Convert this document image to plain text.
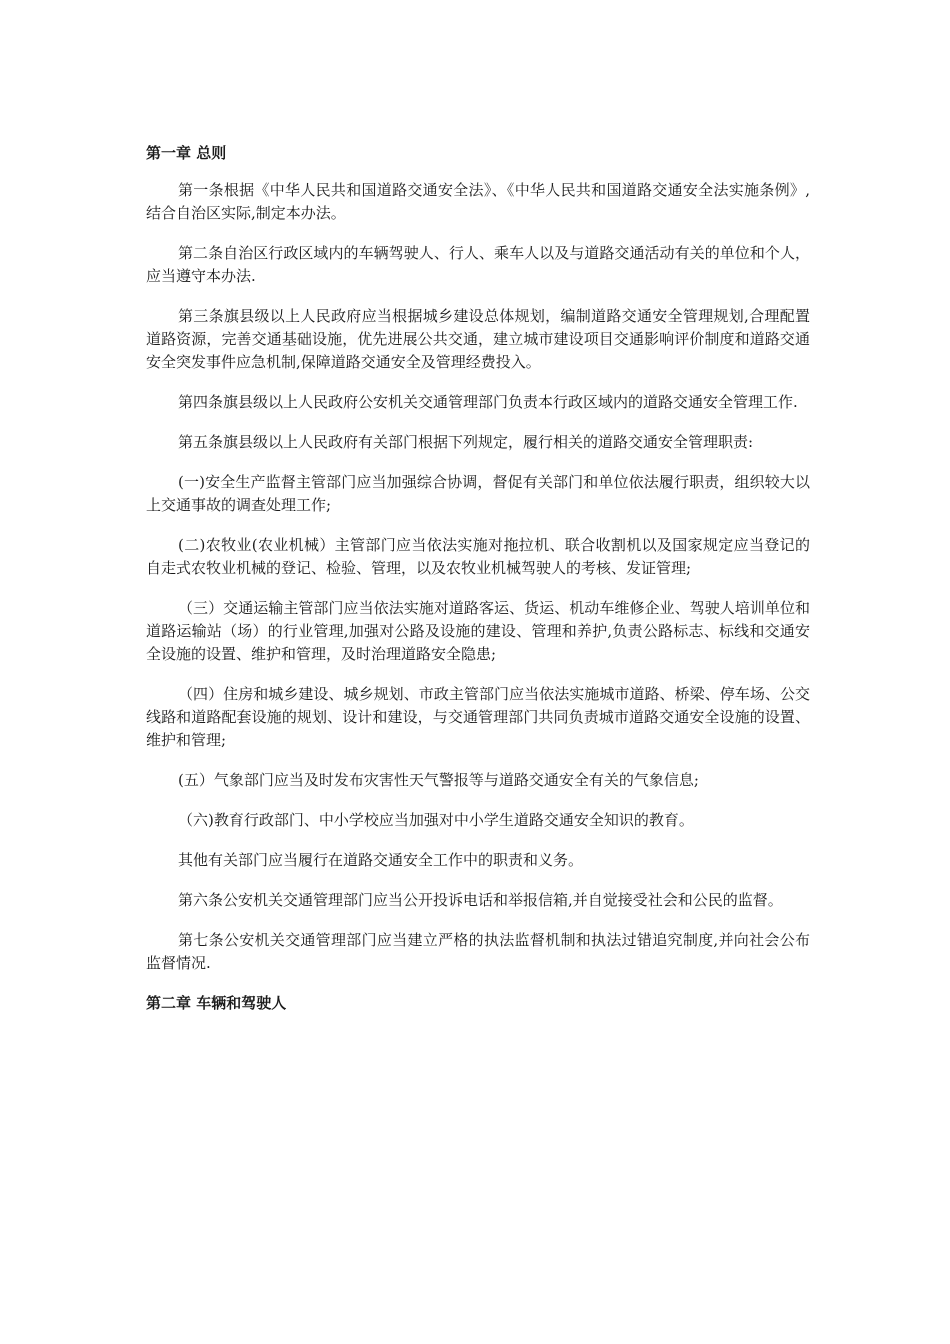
第一章 总则

第一条根据《中华人民共和国道路交通安全法》、《中华人民共和国道路交通安全法实施条例》,结合自治区实际,制定本办法。

第二条自治区行政区域内的车辆驾驶人、行人、乘车人以及与道路交通活动有关的单位和个人，应当遵守本办法.

第三条旗县级以上人民政府应当根据城乡建设总体规划，编制道路交通安全管理规划,合理配置道路资源，完善交通基础设施，优先进展公共交通，建立城市建设项目交通影响评价制度和道路交通安全突发事件应急机制,保障道路交通安全及管理经费投入。

第四条旗县级以上人民政府公安机关交通管理部门负责本行政区域内的道路交通安全管理工作.

第五条旗县级以上人民政府有关部门根据下列规定，履行相关的道路交通安全管理职责:

(一)安全生产监督主管部门应当加强综合协调，督促有关部门和单位依法履行职责，组织较大以上交通事故的调查处理工作;

(二)农牧业(农业机械）主管部门应当依法实施对拖拉机、联合收割机以及国家规定应当登记的自走式农牧业机械的登记、检验、管理，以及农牧业机械驾驶人的考核、发证管理;

（三）交通运输主管部门应当依法实施对道路客运、货运、机动车维修企业、驾驶人培训单位和道路运输站（场）的行业管理,加强对公路及设施的建设、管理和养护,负责公路标志、标线和交通安全设施的设置、维护和管理，及时治理道路安全隐患;

（四）住房和城乡建设、城乡规划、市政主管部门应当依法实施城市道路、桥梁、停车场、公交线路和道路配套设施的规划、设计和建设，与交通管理部门共同负责城市道路交通安全设施的设置、维护和管理;

(五）气象部门应当及时发布灾害性天气警报等与道路交通安全有关的气象信息;

（六)教育行政部门、中小学校应当加强对中小学生道路交通安全知识的教育。

其他有关部门应当履行在道路交通安全工作中的职责和义务。

第六条公安机关交通管理部门应当公开投诉电话和举报信箱,并自觉接受社会和公民的监督。

第七条公安机关交通管理部门应当建立严格的执法监督机制和执法过错追究制度,并向社会公布监督情况.

第二章 车辆和驾驶人
